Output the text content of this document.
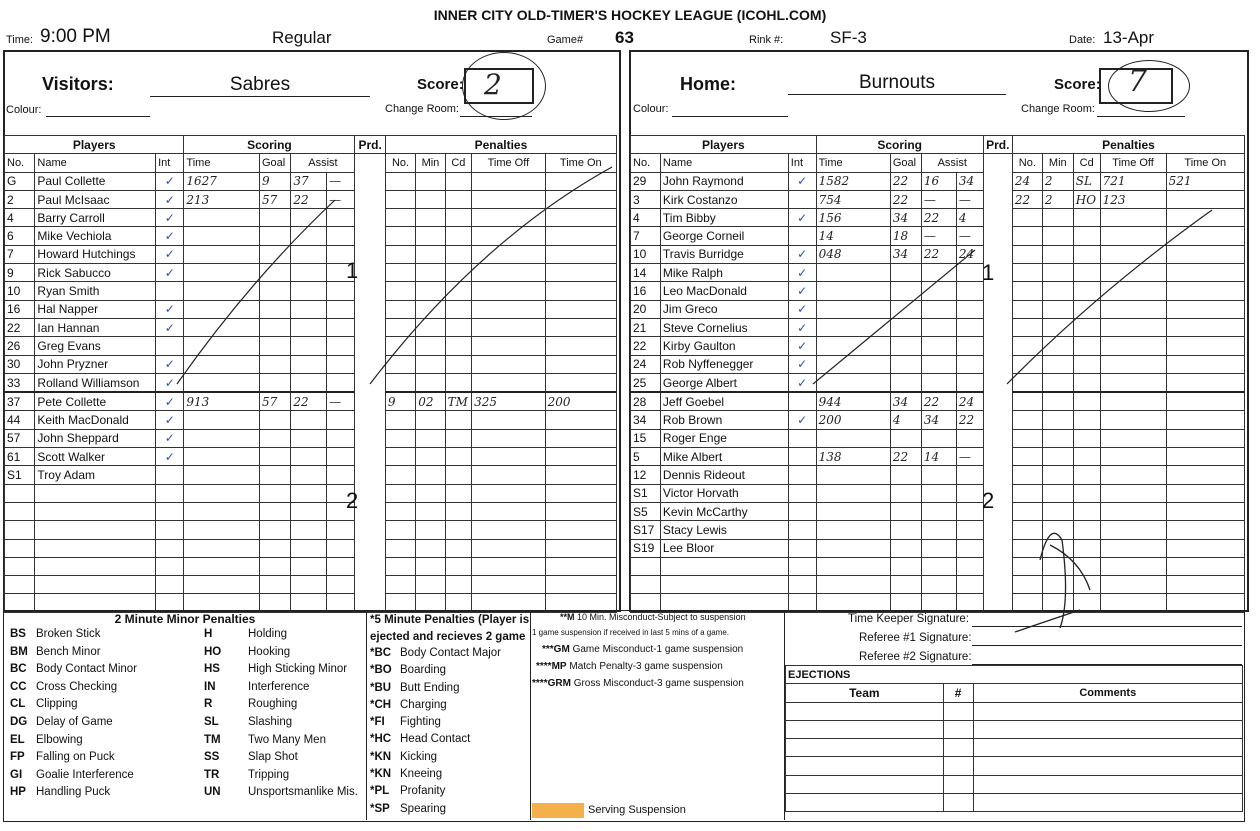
INNER CITY OLD-TIMER'S HOCKEY LEAGUE (ICOHL.COM)
Time: 9:00 PM	Regular	Game# 63	Rink #:	SF-3	Date: 13-Apr
Visitors:	Sabres
Colour:
Score: 2
Change Room:
Home:	Burnouts
Colour:
Score: 7
Change Room:
Players			Scoring				Prd.	Penalties				
No.	Name	Int	Time	Goal	Assist			No.	Min	Cd	Time Off	Time On
G	Paul Collette	✓	1627	9	37	—						
2	Paul McIsaac	✓	213	57	22	—						
4	Barry Carroll	✓										
6	Mike Vechiola	✓										
7	Howard Hutchings	✓										
9	Rick Sabucco	✓										
10	Ryan Smith											
16	Hal Napper	✓										
22	Ian Hannan	✓										
26	Greg Evans											
30	John Pryzner	✓										
33	Rolland Williamson	✓										
37	Pete Collette	✓	913	57	22	—		9	02	TM	325	200
44	Keith MacDonald	✓										
57	John Sheppard	✓										
61	Scott Walker	✓										
S1	Troy Adam											

Players			Scoring				Prd.	Penalties				
No.	Name	Int	Time	Goal	Assist			No.	Min	Cd	Time Off	Time On
29	John Raymond	✓	1582	22	16	34		24	2	SL	721	521
3	Kirk Costanzo		754	22	—	—		22	2	HO	123	
4	Tim Bibby	✓	156	34	22	4						
7	George Corneil		14	18	—	—						
10	Travis Burridge	✓	048	34	22	24						
14	Mike Ralph	✓										
16	Leo MacDonald	✓										
20	Jim Greco	✓										
21	Steve Cornelius	✓										
22	Kirby Gaulton	✓										
24	Rob Nyffenegger	✓										
25	George Albert	✓										
28	Jeff Goebel		944	34	22	24						
34	Rob Brown	✓	200	4	34	22						
15	Roger Enge											
5	Mike Albert		138	22	14	—						
12	Dennis Rideout											
S1	Victor Horvath											
S5	Kevin McCarthy											
S17	Stacy Lewis											
S19	Lee Bloor											

1
2
1
2
2 Minute Minor Penalties
BS Broken Stick	H	Holding
BM Bench Minor	HO Hooking
BC Body Contact Minor	HS High Sticking Minor
CC Cross Checking	IN	Interference
CL Clipping	R	Roughing
DG Delay of Game	SL	Slashing
EL Elbowing	TM Two Many Men
FP Falling on Puck	SS Slap Shot
GI Goalie Interference	TR Tripping
HP Handling Puck	UN Unsportsmanlike Mis.
*5 Minute Penalties (Player is ejected and recieves 2 game
*BC Body Contact Major
*BO Boarding
*BU Butt Ending
*CH Charging
*FI Fighting
*HC Head Contact
*KN Kicking
*KN Kneeing
*PL Profanity
*SP Spearing
**M 10 Min. Misconduct-Subject to suspension
1 game suspension if received in last 5 mins of a game.
***GM Game Misconduct-1 game suspension
****MP Match Penalty-3 game suspension
****GRM Gross Misconduct-3 game suspension
Serving Suspension
Time Keeper Signature:
Referee #1 Signature:
Referee #2 Signature:
EJECTIONS		
Team	#	Comments
